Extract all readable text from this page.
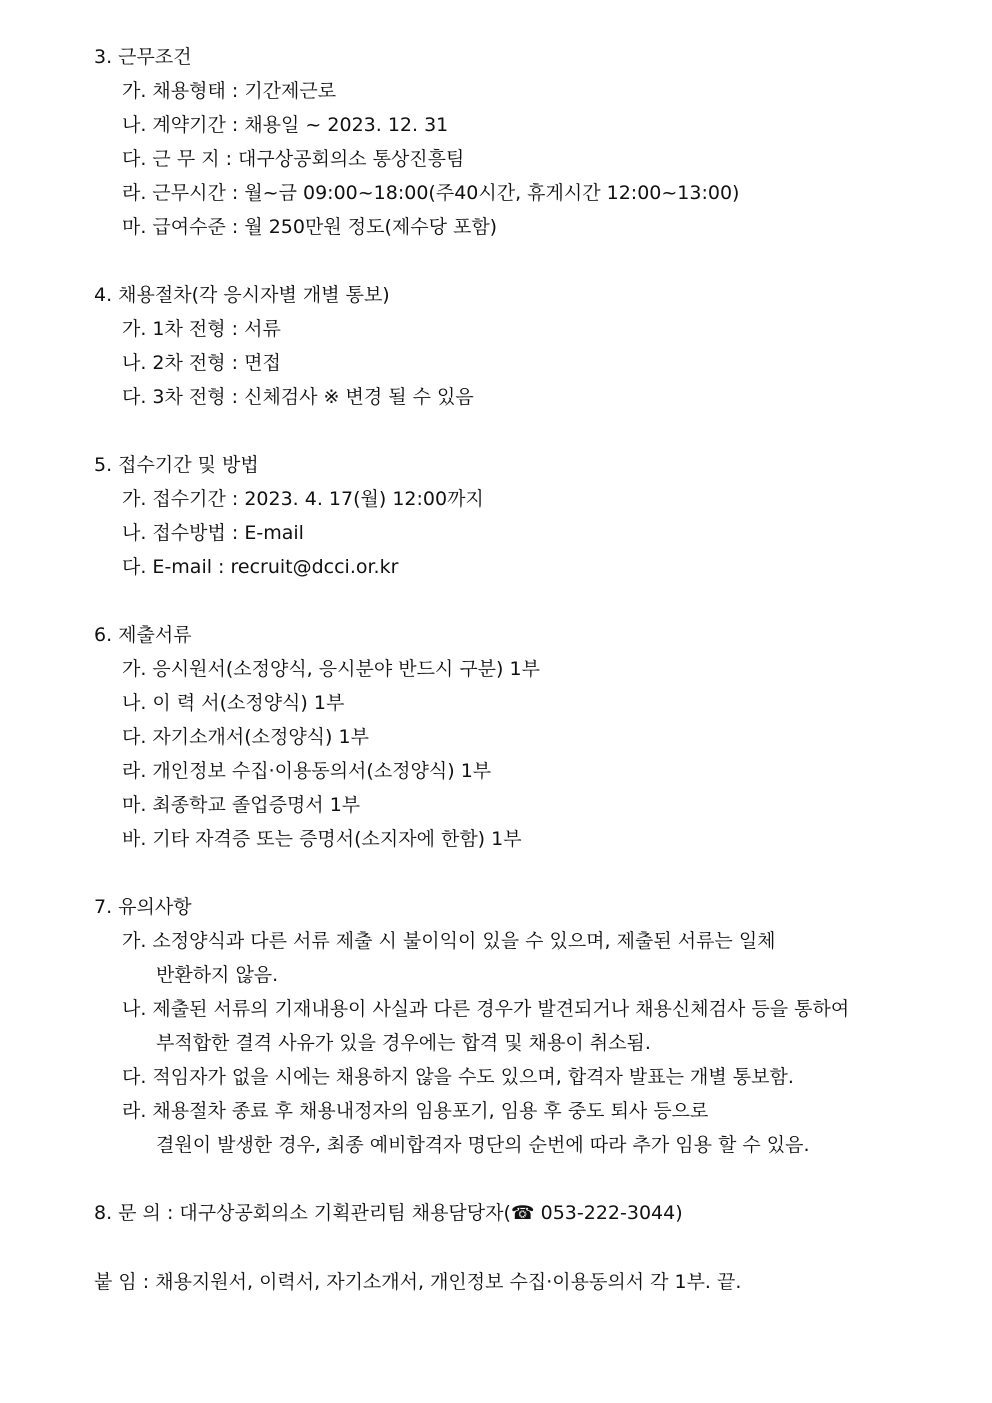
3. 근무조건
가. 채용형태 : 기간제근로
나. 계약기간 : 채용일 ~ 2023. 12. 31
다. 근 무 지 : 대구상공회의소 통상진흥팀
라. 근무시간 : 월~금 09:00~18:00(주40시간, 휴게시간 12:00~13:00)
마. 급여수준 : 월 250만원 정도(제수당 포함)
4. 채용절차(각 응시자별 개별 통보)
가. 1차 전형 : 서류
나. 2차 전형 : 면접
다. 3차 전형 : 신체검사 ※ 변경 될 수 있음
5. 접수기간 및 방법
가. 접수기간 : 2023. 4. 17(월) 12:00까지
나. 접수방법 : E-mail
다. E-mail : recruit@dcci.or.kr
6. 제출서류
가. 응시원서(소정양식, 응시분야 반드시 구분) 1부
나. 이 력 서(소정양식) 1부
다. 자기소개서(소정양식) 1부
라. 개인정보 수집·이용동의서(소정양식) 1부
마. 최종학교 졸업증명서 1부
바. 기타 자격증 또는 증명서(소지자에 한함) 1부
7. 유의사항
가. 소정양식과 다른 서류 제출 시 불이익이 있을 수 있으며, 제출된 서류는 일체
반환하지 않음.
나. 제출된 서류의 기재내용이 사실과 다른 경우가 발견되거나 채용신체검사 등을 통하여
부적합한 결격 사유가 있을 경우에는 합격 및 채용이 취소됨.
다. 적임자가 없을 시에는 채용하지 않을 수도 있으며, 합격자 발표는 개별 통보함.
라. 채용절차 종료 후 채용내정자의 임용포기, 임용 후 중도 퇴사 등으로
결원이 발생한 경우, 최종 예비합격자 명단의 순번에 따라 추가 임용 할 수 있음.
8. 문 의 : 대구상공회의소 기획관리팀 채용담당자(☎ 053-222-3044)
붙 임 : 채용지원서, 이력서, 자기소개서, 개인정보 수집·이용동의서 각 1부. 끝.
